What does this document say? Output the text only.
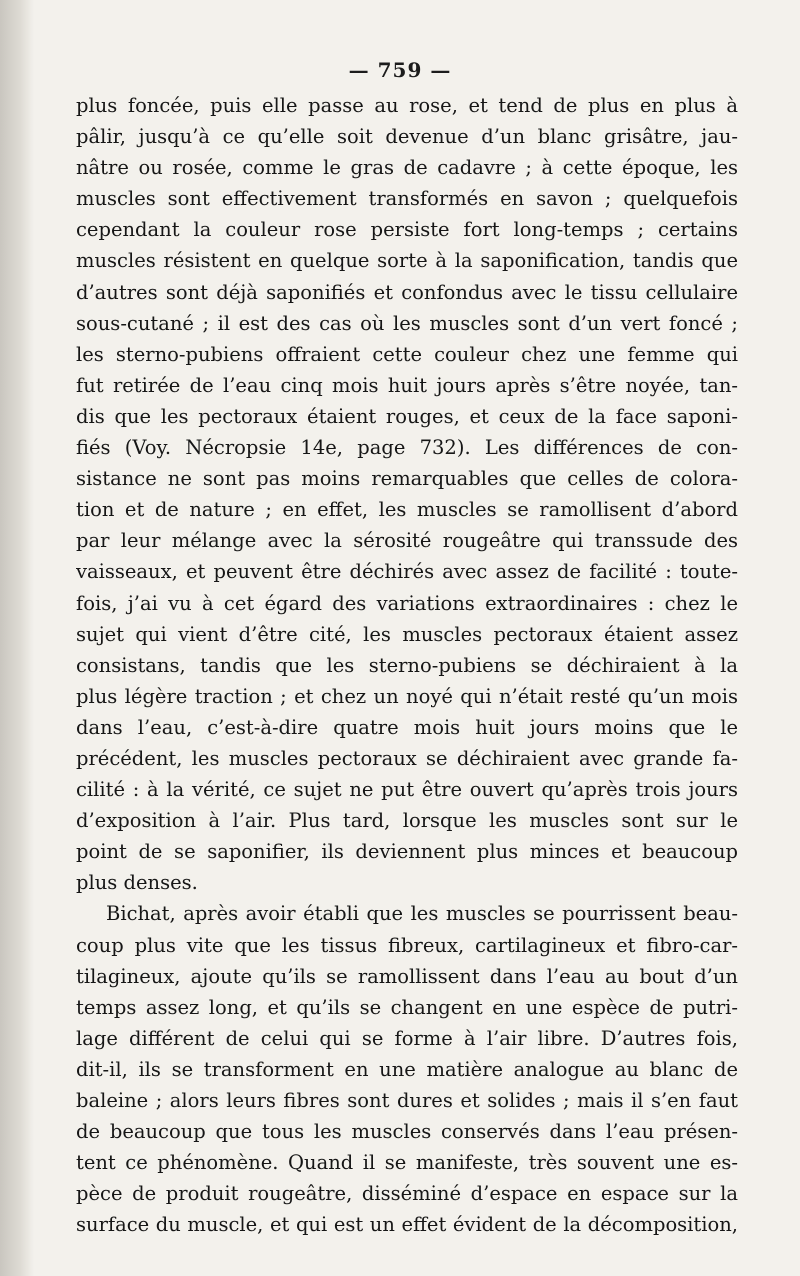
— 759 —
plus foncée, puis elle passe au rose, et tend de plus en plus à
pâlir, jusqu’à ce qu’elle soit devenue d’un blanc grisâtre, jau-
nâtre ou rosée, comme le gras de cadavre ; à cette époque, les
muscles sont effectivement transformés en savon ; quelquefois
cependant la couleur rose persiste fort long-temps ; certains
muscles résistent en quelque sorte à la saponification, tandis que
d’autres sont déjà saponifiés et confondus avec le tissu cellulaire
sous-cutané ; il est des cas où les muscles sont d’un vert foncé ;
les sterno-pubiens offraient cette couleur chez une femme qui
fut retirée de l’eau cinq mois huit jours après s’être noyée, tan-
dis que les pectoraux étaient rouges, et ceux de la face saponi-
fiés (Voy. Nécropsie 14e, page 732). Les différences de con-
sistance ne sont pas moins remarquables que celles de colora-
tion et de nature ; en effet, les muscles se ramollisent d’abord
par leur mélange avec la sérosité rougeâtre qui transsude des
vaisseaux, et peuvent être déchirés avec assez de facilité : toute-
fois, j’ai vu à cet égard des variations extraordinaires : chez le
sujet qui vient d’être cité, les muscles pectoraux étaient assez
consistans, tandis que les sterno-pubiens se déchiraient à la
plus légère traction ; et chez un noyé qui n’était resté qu’un mois
dans l’eau, c’est-à-dire quatre mois huit jours moins que le
précédent, les muscles pectoraux se déchiraient avec grande fa-
cilité : à la vérité, ce sujet ne put être ouvert qu’après trois jours
d’exposition à l’air. Plus tard, lorsque les muscles sont sur le
point de se saponifier, ils deviennent plus minces et beaucoup
plus denses.
Bichat, après avoir établi que les muscles se pourrissent beau-
coup plus vite que les tissus fibreux, cartilagineux et fibro-car-
tilagineux, ajoute qu’ils se ramollissent dans l’eau au bout d’un
temps assez long, et qu’ils se changent en une espèce de putri-
lage différent de celui qui se forme à l’air libre. D’autres fois,
dit-il, ils se transforment en une matière analogue au blanc de
baleine ; alors leurs fibres sont dures et solides ; mais il s’en faut
de beaucoup que tous les muscles conservés dans l’eau présen-
tent ce phénomène. Quand il se manifeste, très souvent une es-
pèce de produit rougeâtre, disséminé d’espace en espace sur la
surface du muscle, et qui est un effet évident de la décomposition,
